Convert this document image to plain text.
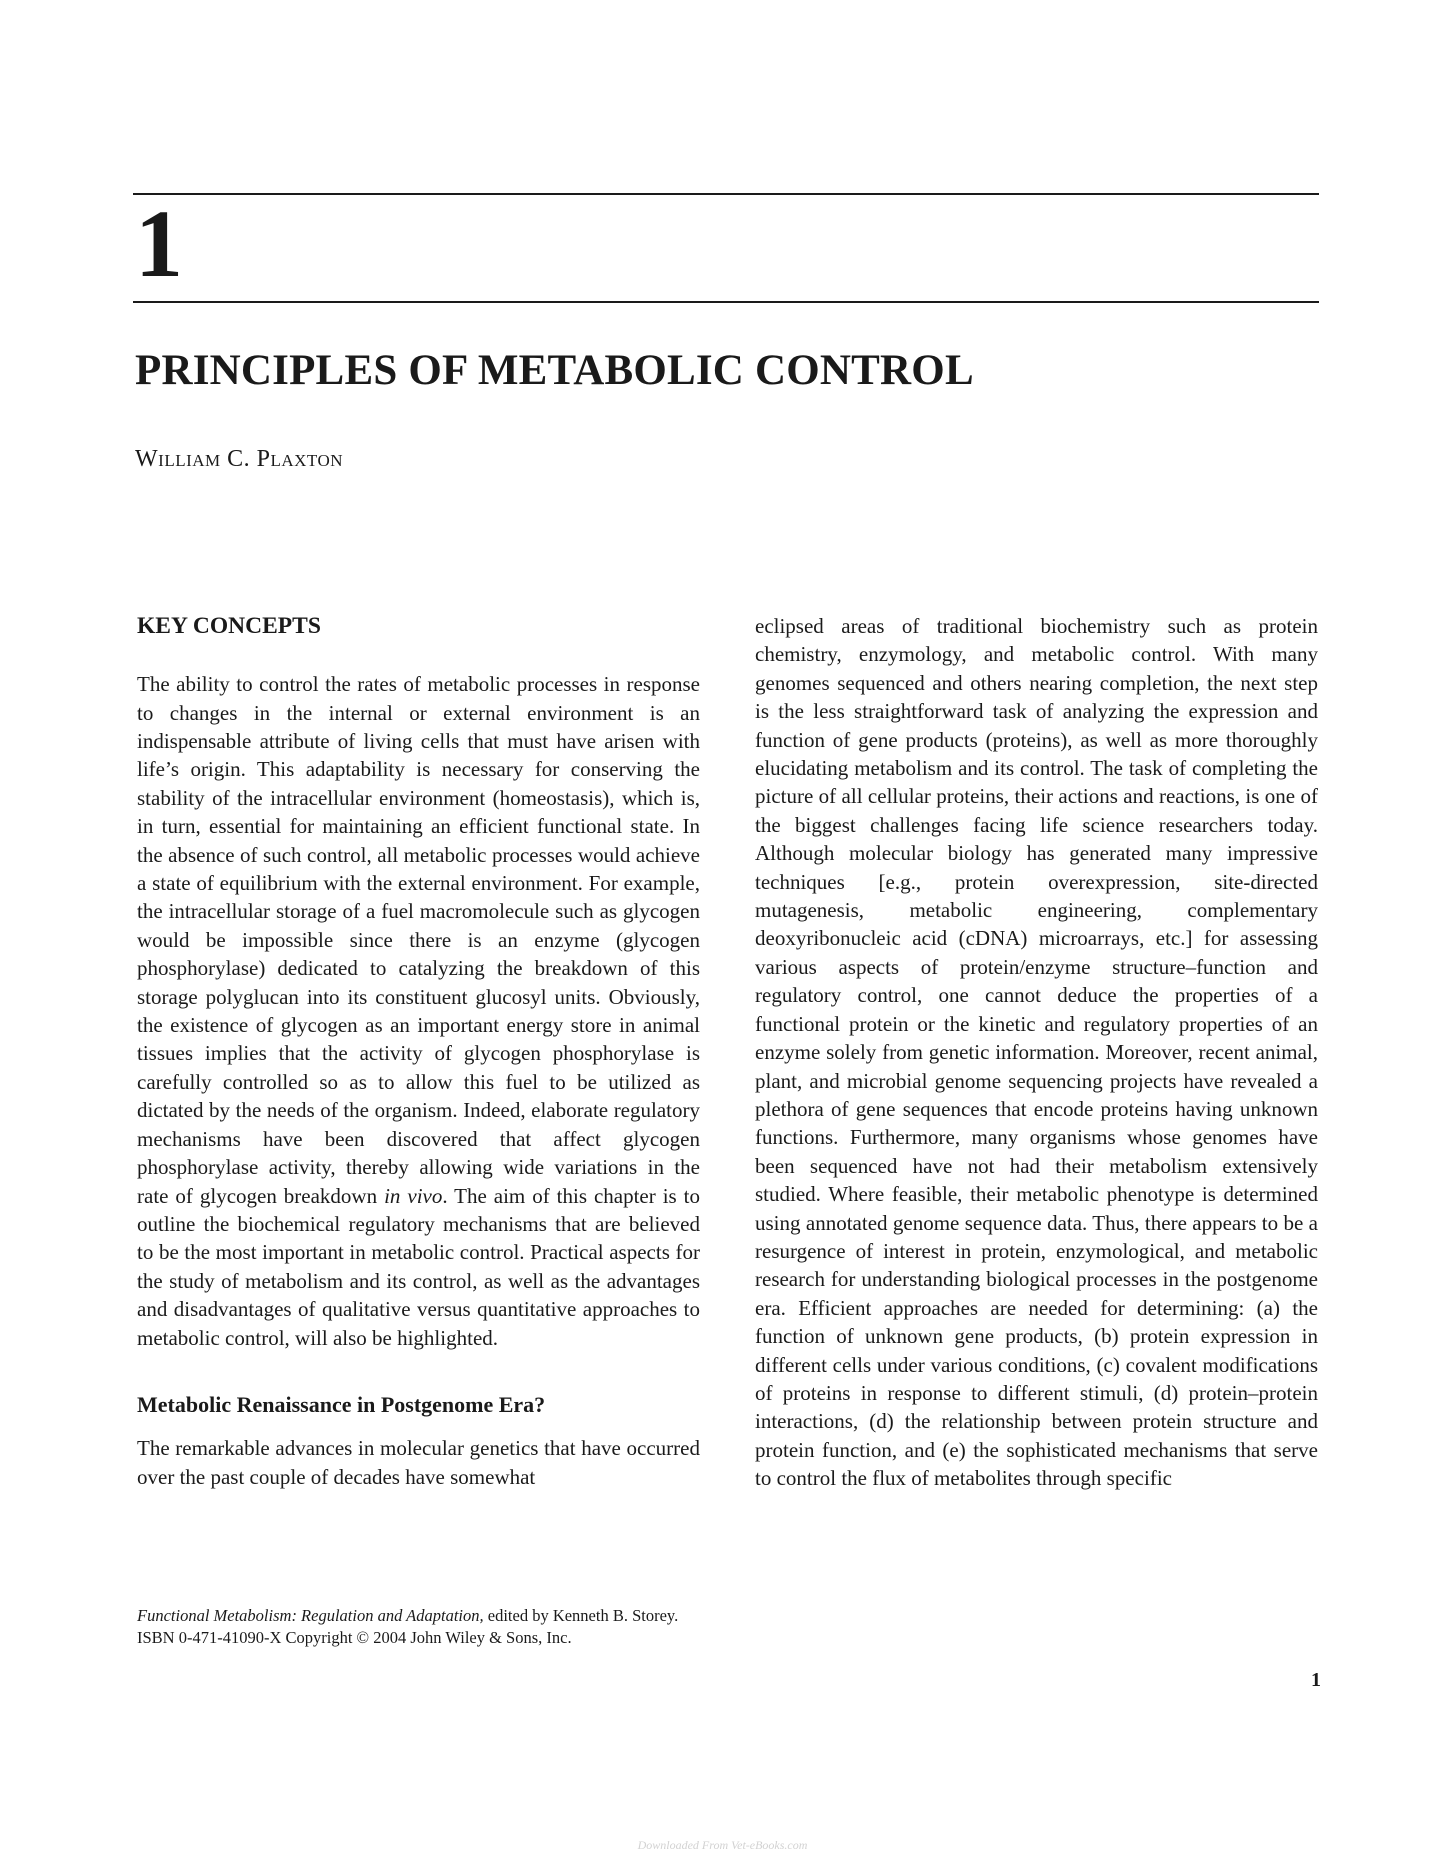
1
PRINCIPLES OF METABOLIC CONTROL
William C. Plaxton
KEY CONCEPTS

The ability to control the rates of metabolic processes in response to changes in the internal or external environment is an indispensable attribute of living cells that must have arisen with life’s origin. This adaptability is necessary for conserving the stability of the intracellular environment (homeostasis), which is, in turn, essential for maintaining an efficient functional state. In the absence of such control, all metabolic processes would achieve a state of equilibrium with the external environment. For example, the intracellular storage of a fuel macromolecule such as glycogen would be impossible since there is an enzyme (glycogen phosphorylase) dedicated to catalyzing the breakdown of this storage polyglucan into its constituent glucosyl units. Obviously, the existence of glycogen as an important energy store in animal tissues implies that the activity of glycogen phosphorylase is carefully controlled so as to allow this fuel to be utilized as dictated by the needs of the organism. Indeed, elaborate regulatory mechanisms have been discovered that affect glycogen phosphorylase activity, thereby allowing wide variations in the rate of glycogen breakdown in vivo. The aim of this chapter is to outline the biochemical regulatory mechanisms that are believed to be the most important in metabolic control. Practical aspects for the study of metabolism and its control, as well as the advantages and disadvantages of qualitative versus quantitative approaches to metabolic control, will also be highlighted.

Metabolic Renaissance in Postgenome Era?

The remarkable advances in molecular genetics that have occurred over the past couple of decades have somewhat

eclipsed areas of traditional biochemistry such as protein chemistry, enzymology, and metabolic control. With many genomes sequenced and others nearing completion, the next step is the less straightforward task of analyzing the expression and function of gene products (proteins), as well as more thoroughly elucidating metabolism and its control. The task of completing the picture of all cellular proteins, their actions and reactions, is one of the biggest challenges facing life science researchers today. Although molecular biology has generated many impressive techniques [e.g., protein overexpression, site-directed mutagenesis, metabolic engineering, complementary deoxyribonucleic acid (cDNA) microarrays, etc.] for assessing various aspects of protein/enzyme structure–function and regulatory control, one cannot deduce the properties of a functional protein or the kinetic and regulatory properties of an enzyme solely from genetic information. Moreover, recent animal, plant, and microbial genome sequencing projects have revealed a plethora of gene sequences that encode proteins having unknown functions. Furthermore, many organisms whose genomes have been sequenced have not had their metabolism extensively studied. Where feasible, their metabolic phenotype is determined using annotated genome sequence data. Thus, there appears to be a resurgence of interest in protein, enzymological, and metabolic research for understanding biological processes in the postgenome era. Efficient approaches are needed for determining: (a) the function of unknown gene products, (b) protein expression in different cells under various conditions, (c) covalent modifications of proteins in response to different stimuli, (d) protein–protein interactions, (d) the relationship between protein structure and protein function, and (e) the sophisticated mechanisms that serve to control the flux of metabolites through specific

Functional Metabolism: Regulation and Adaptation, edited by Kenneth B. Storey.
ISBN 0-471-41090-X Copyright © 2004 John Wiley & Sons, Inc.
1
Downloaded From Vet-eBooks.com
